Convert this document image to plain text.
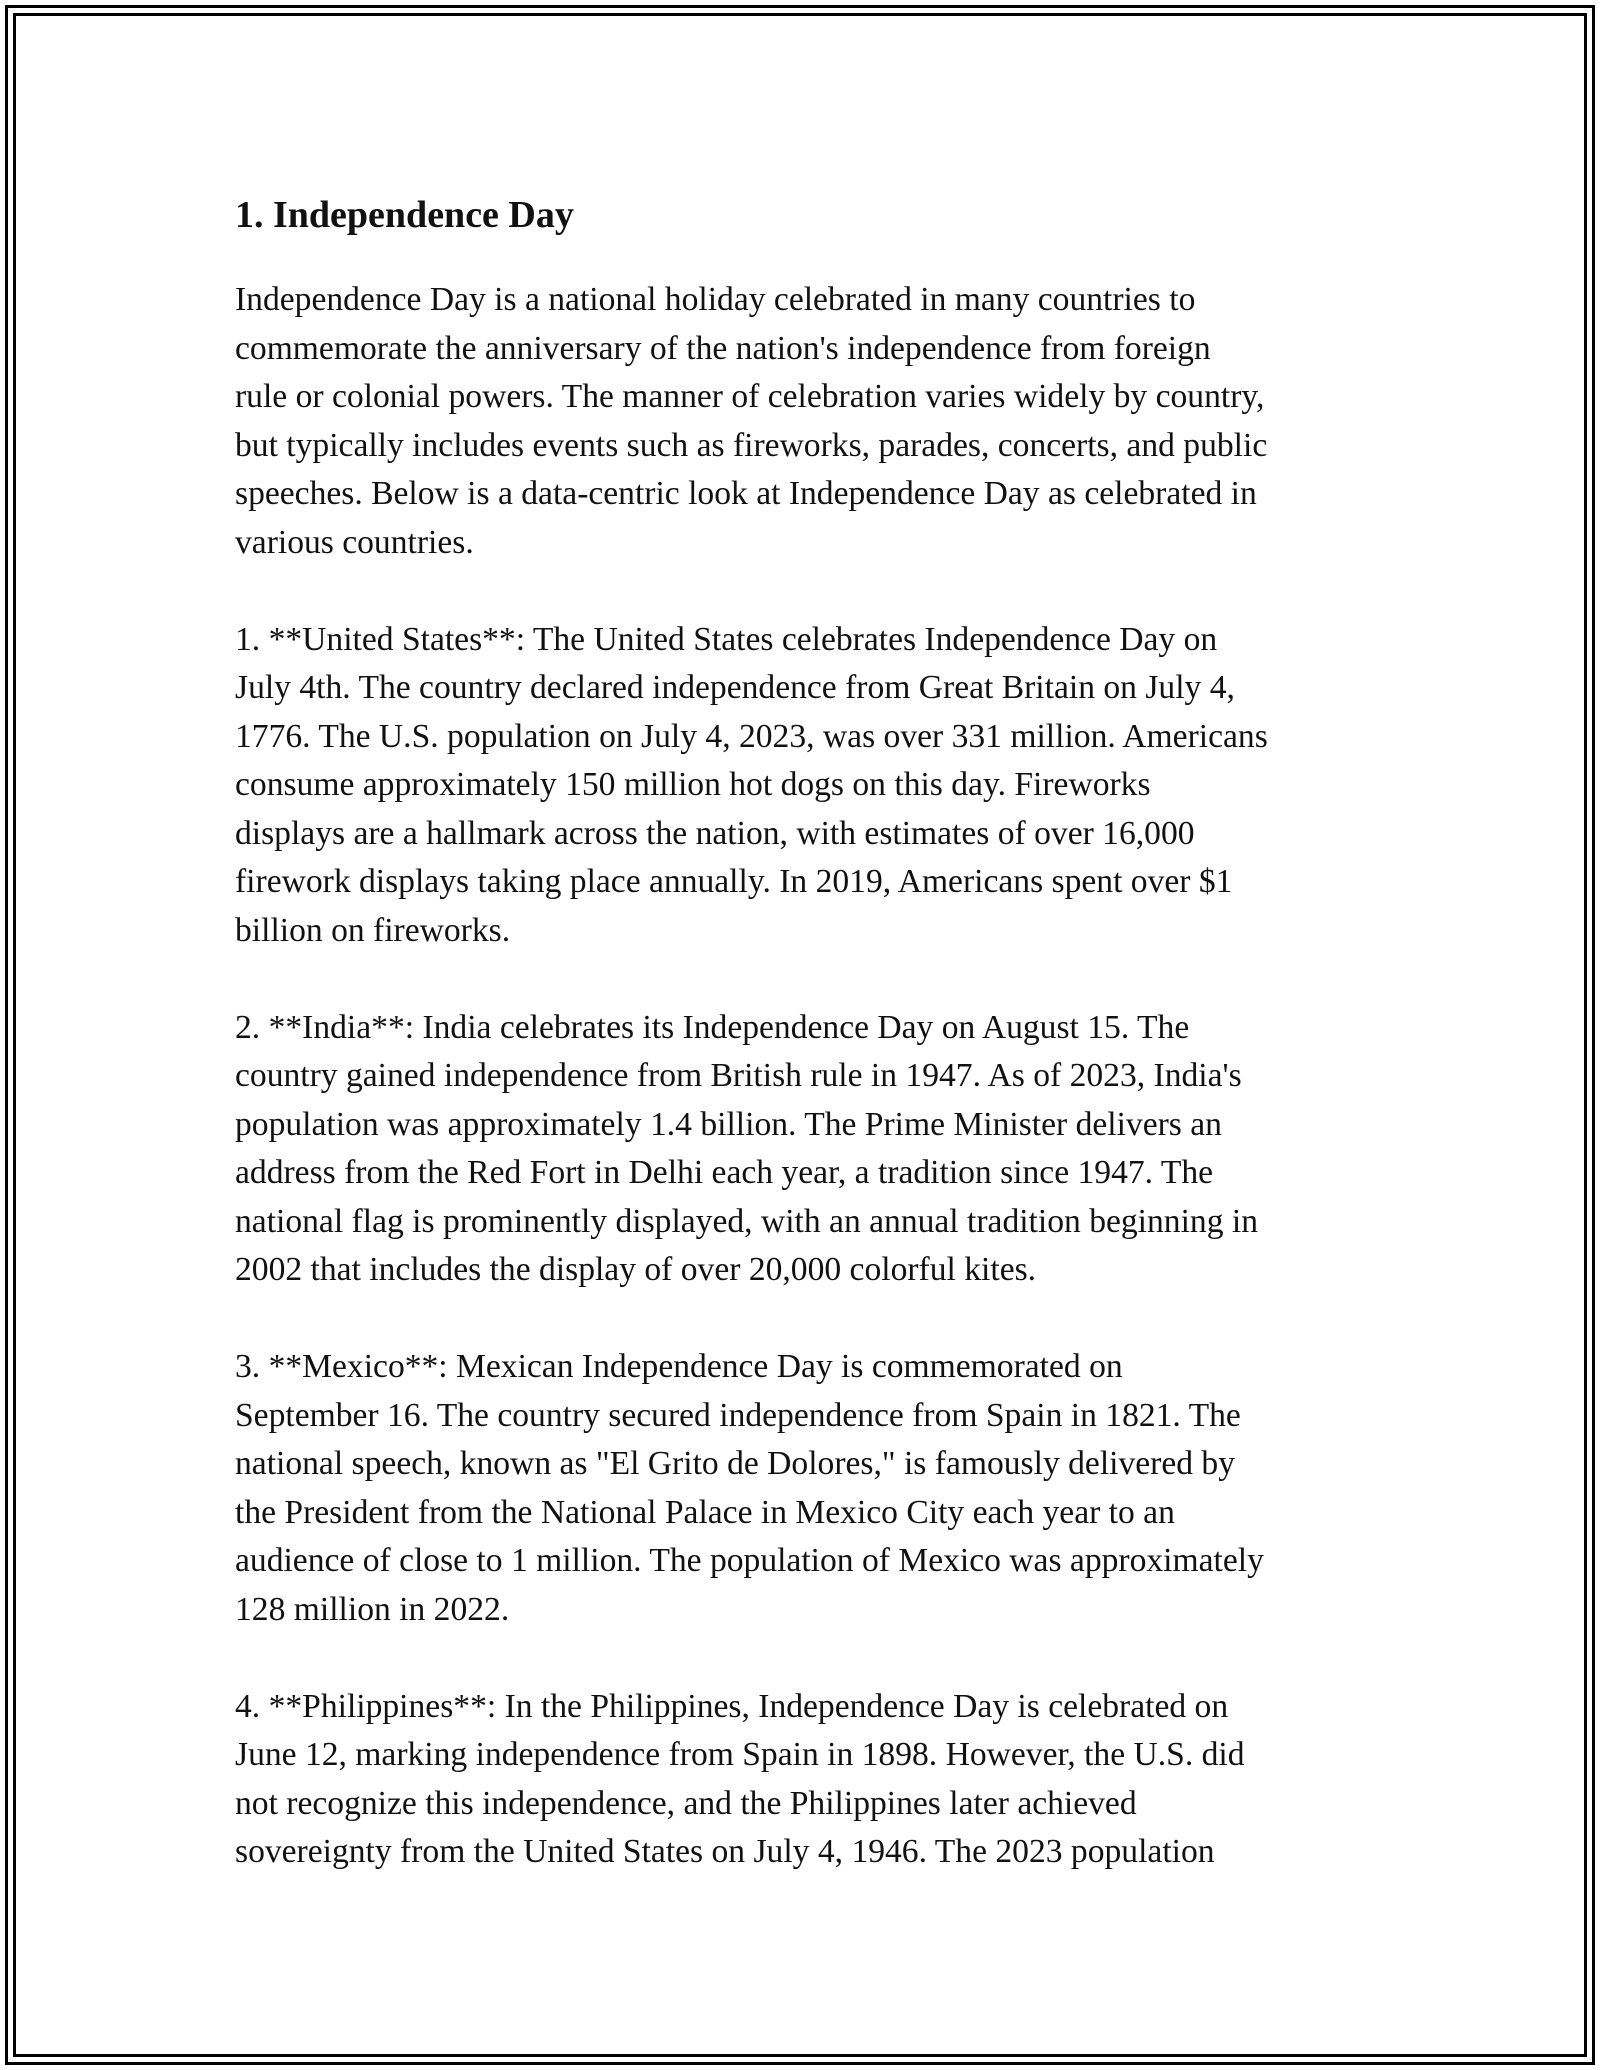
1. Independence Day

Independence Day is a national holiday celebrated in many countries to
commemorate the anniversary of the nation's independence from foreign
rule or colonial powers. The manner of celebration varies widely by country,
but typically includes events such as fireworks, parades, concerts, and public
speeches. Below is a data-centric look at Independence Day as celebrated in
various countries.

1. **United States**: The United States celebrates Independence Day on
July 4th. The country declared independence from Great Britain on July 4,
1776. The U.S. population on July 4, 2023, was over 331 million. Americans
consume approximately 150 million hot dogs on this day. Fireworks
displays are a hallmark across the nation, with estimates of over 16,000
firework displays taking place annually. In 2019, Americans spent over $1
billion on fireworks.

2. **India**: India celebrates its Independence Day on August 15. The
country gained independence from British rule in 1947. As of 2023, India's
population was approximately 1.4 billion. The Prime Minister delivers an
address from the Red Fort in Delhi each year, a tradition since 1947. The
national flag is prominently displayed, with an annual tradition beginning in
2002 that includes the display of over 20,000 colorful kites.

3. **Mexico**: Mexican Independence Day is commemorated on
September 16. The country secured independence from Spain in 1821. The
national speech, known as "El Grito de Dolores," is famously delivered by
the President from the National Palace in Mexico City each year to an
audience of close to 1 million. The population of Mexico was approximately
128 million in 2022.

4. **Philippines**: In the Philippines, Independence Day is celebrated on
June 12, marking independence from Spain in 1898. However, the U.S. did
not recognize this independence, and the Philippines later achieved
sovereignty from the United States on July 4, 1946. The 2023 population
